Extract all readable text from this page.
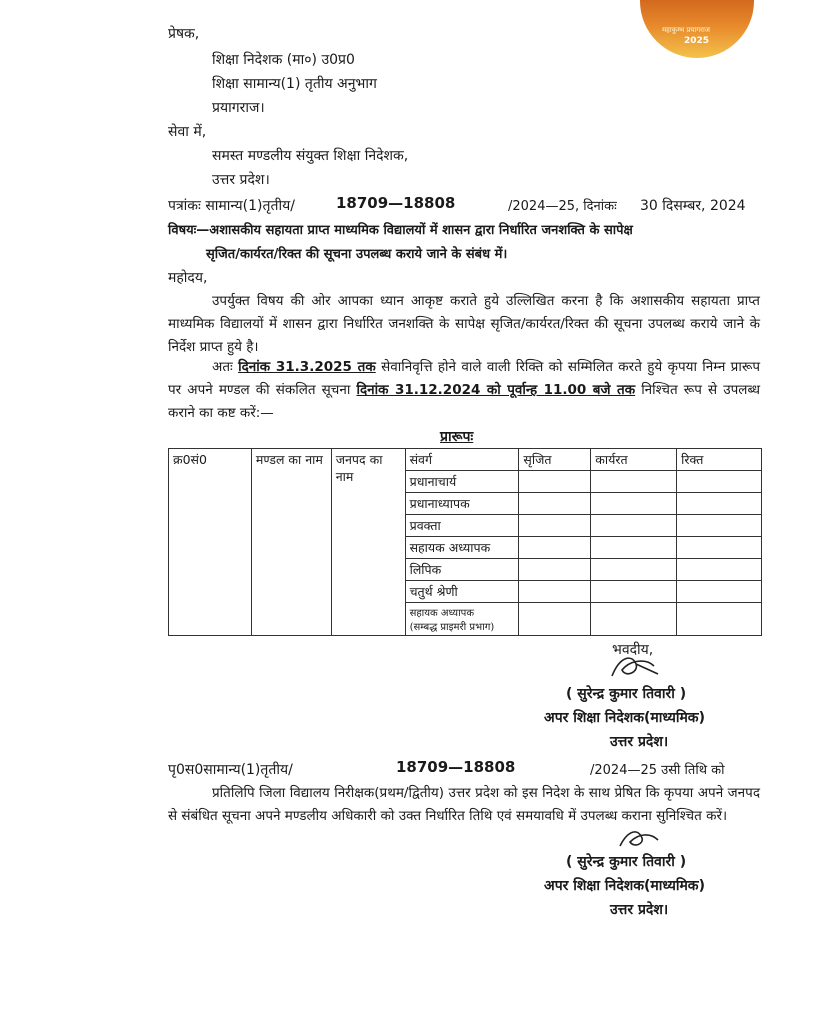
महाकुम्भ प्रयागराज
2025
प्रेषक,
शिक्षा निदेशक (मा०) उ0प्र0
शिक्षा सामान्य(1) तृतीय अनुभाग
प्रयागराज।
सेवा में,
समस्त मण्डलीय संयुक्त शिक्षा निदेशक,
उत्तर प्रदेश।
पत्रांकः सामान्य(1)तृतीय/	18709—18808	/2024—25, दिनांकः 30 दिसम्बर, 2024
विषयः—अशासकीय सहायता प्राप्त माध्यमिक विद्यालयों में शासन द्वारा निर्धारित जनशक्ति के सापेक्ष
सृजित/कार्यरत/रिक्त की सूचना उपलब्ध कराये जाने के संबंध में।
महोदय,
उपर्युक्त विषय की ओर आपका ध्यान आकृष्ट कराते हुये उल्लिखित करना है कि अशासकीय सहायता प्राप्त माध्यमिक विद्यालयों में शासन द्वारा निर्धारित जनशक्ति के सापेक्ष सृजित/कार्यरत/रिक्त की सूचना उपलब्ध कराये जाने के निर्देश प्राप्त हुये है।
अतः दिनांक 31.3.2025 तक सेवानिवृत्ति होने वाले वाली रिक्ति को सम्मिलित करते हुये कृपया निम्न प्रारूप पर अपने मण्डल की संकलित सूचना दिनांक 31.12.2024 को पूर्वान्ह 11.00 बजे तक निश्चित रूप से उपलब्ध कराने का कष्ट करें:—
प्रारूपः
क्र0सं0	मण्डल का नाम	जनपद का नाम	संवर्ग	सृजित	कार्यरत	रिक्त
			प्रधानाचार्य			
			प्रधानाध्यापक			
			प्रवक्ता			
			सहायक अध्यापक			
			लिपिक			
			चतुर्थ श्रेणी			

			सहायक अध्यापक
(सम्बद्ध प्राइमरी प्रभाग)			

भवदीय,
( सुरेन्द्र कुमार तिवारी )
अपर शिक्षा निदेशक(माध्यमिक)
उत्तर प्रदेश।
पृ0स0सामान्य(1)तृतीय/	18709—18808	/2024—25 उसी तिथि को
प्रतिलिपि जिला विद्यालय निरीक्षक(प्रथम/द्वितीय) उत्तर प्रदेश को इस निदेश के साथ प्रेषित कि कृपया अपने जनपद से संबंधित सूचना अपने मण्डलीय अधिकारी को उक्त निर्धारित तिथि एवं समयावधि में उपलब्ध कराना सुनिश्चित करें।
( सुरेन्द्र कुमार तिवारी )
अपर शिक्षा निदेशक(माध्यमिक)
उत्तर प्रदेश।
